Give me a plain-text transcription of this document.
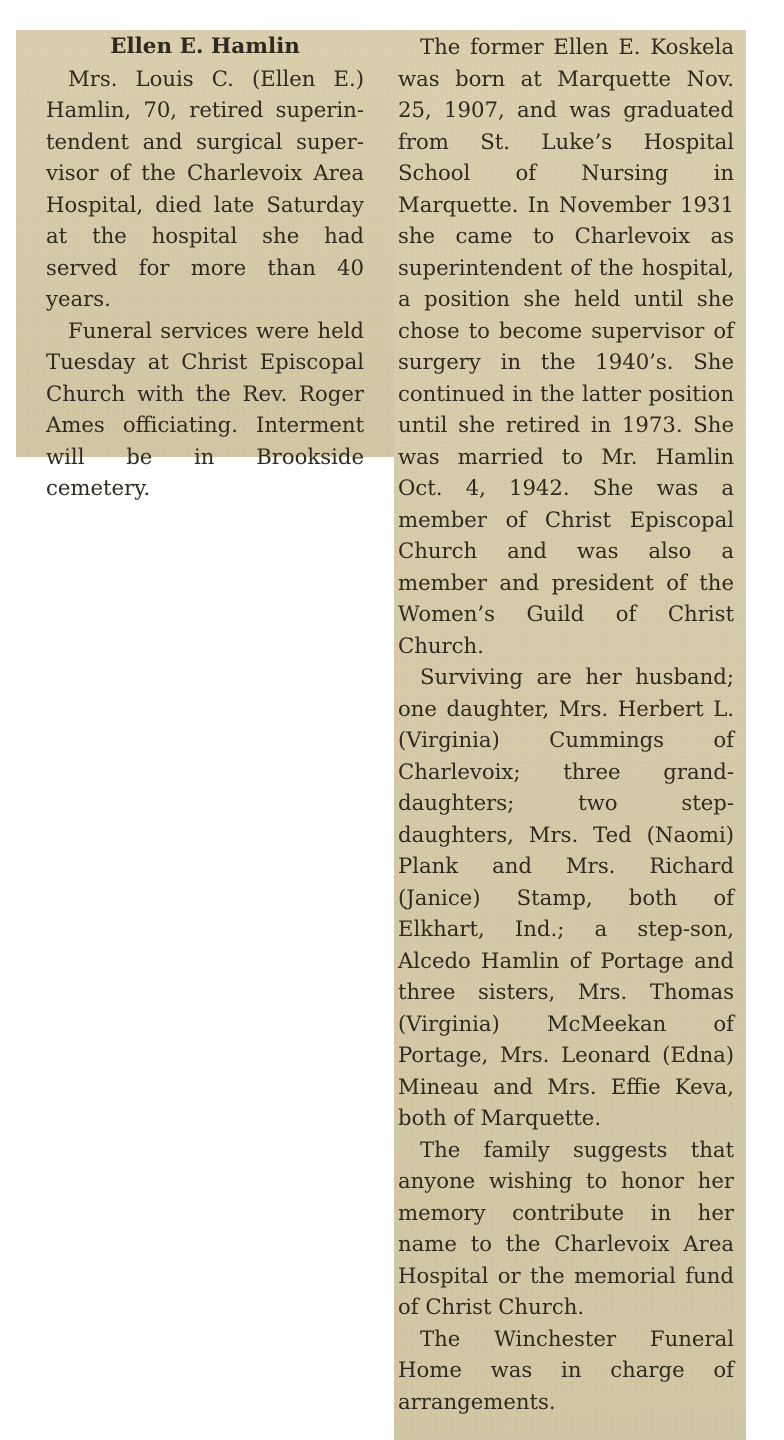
Ellen E. Hamlin

Mrs. Louis C. (Ellen E.) Hamlin, 70, retired superin-tendent and surgical super-visor of the Charlevoix Area Hospital, died late Saturday at the hospital she had served for more than 40 years.

Funeral services were held Tuesday at Christ Episcopal Church with the Rev. Roger Ames officiating. Interment will be in Brookside cemetery.

The former Ellen E. Koskela was born at Marquette Nov. 25, 1907, and was graduated from St. Luke’s Hospital School of Nursing in Marquette. In November 1931 she came to Charlevoix as superintendent of the hospital, a position she held until she chose to become supervisor of surgery in the 1940’s. She continued in the latter position until she retired in 1973. She was married to Mr. Hamlin Oct. 4, 1942. She was a member of Christ Episcopal Church and was also a member and president of the Women’s Guild of Christ Church.

Surviving are her husband; one daughter, Mrs. Herbert L. (Virginia) Cummings of Charlevoix; three grand-daughters; two step-daughters, Mrs. Ted (Naomi) Plank and Mrs. Richard (Janice) Stamp, both of Elkhart, Ind.; a step-son, Alcedo Hamlin of Portage and three sisters, Mrs. Thomas (Virginia) McMeekan of Portage, Mrs. Leonard (Edna) Mineau and Mrs. Effie Keva, both of Marquette.

The family suggests that anyone wishing to honor her memory contribute in her name to the Charlevoix Area Hospital or the memorial fund of Christ Church.

The Winchester Funeral Home was in charge of arrangements.
